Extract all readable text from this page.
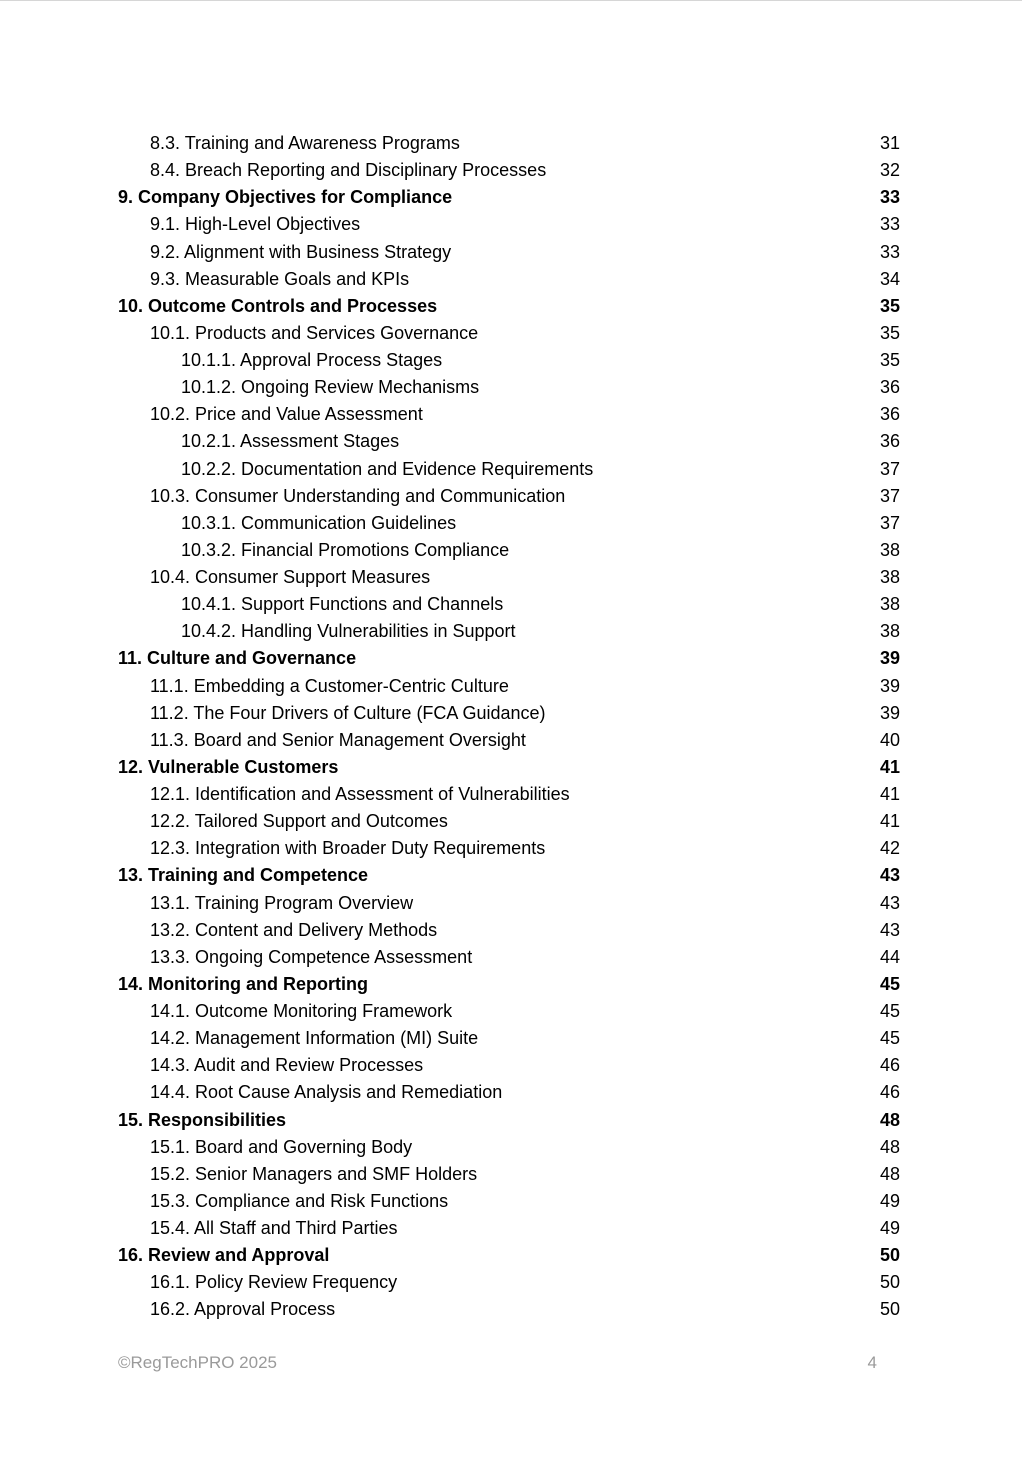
8.3. Training and Awareness Programs	31
8.4. Breach Reporting and Disciplinary Processes	32
9. Company Objectives for Compliance	33
9.1. High-Level Objectives	33
9.2. Alignment with Business Strategy	33
9.3. Measurable Goals and KPIs	34
10. Outcome Controls and Processes	35
10.1. Products and Services Governance	35
10.1.1. Approval Process Stages	35
10.1.2. Ongoing Review Mechanisms	36
10.2. Price and Value Assessment	36
10.2.1. Assessment Stages	36
10.2.2. Documentation and Evidence Requirements	37
10.3. Consumer Understanding and Communication	37
10.3.1. Communication Guidelines	37
10.3.2. Financial Promotions Compliance	38
10.4. Consumer Support Measures	38
10.4.1. Support Functions and Channels	38
10.4.2. Handling Vulnerabilities in Support	38
11. Culture and Governance	39
11.1. Embedding a Customer-Centric Culture	39
11.2. The Four Drivers of Culture (FCA Guidance)	39
11.3. Board and Senior Management Oversight	40
12. Vulnerable Customers	41
12.1. Identification and Assessment of Vulnerabilities	41
12.2. Tailored Support and Outcomes	41
12.3. Integration with Broader Duty Requirements	42
13. Training and Competence	43
13.1. Training Program Overview	43
13.2. Content and Delivery Methods	43
13.3. Ongoing Competence Assessment	44
14. Monitoring and Reporting	45
14.1. Outcome Monitoring Framework	45
14.2. Management Information (MI) Suite	45
14.3. Audit and Review Processes	46
14.4. Root Cause Analysis and Remediation	46
15. Responsibilities	48
15.1. Board and Governing Body	48
15.2. Senior Managers and SMF Holders	48
15.3. Compliance and Risk Functions	49
15.4. All Staff and Third Parties	49
16. Review and Approval	50
16.1. Policy Review Frequency	50
16.2. Approval Process	50
©RegTechPRO 2025	4
